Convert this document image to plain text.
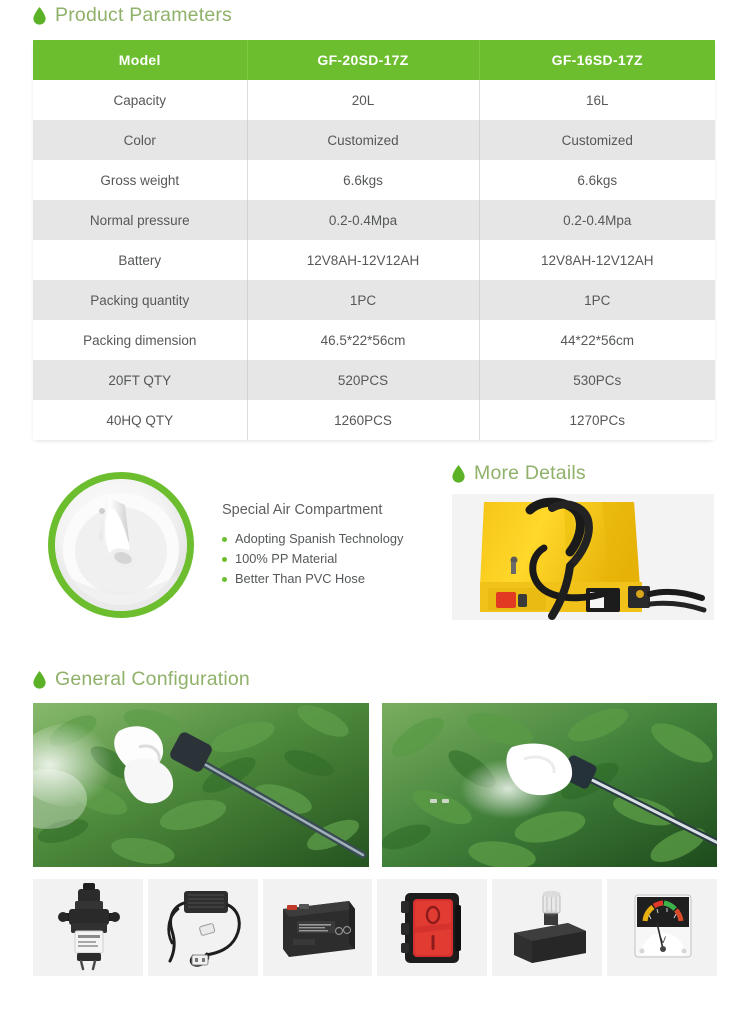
Product Parameters
Model	GF-20SD-17Z	GF-16SD-17Z
Capacity	20L	16L
Color	Customized	Customized
Gross weight	6.6kgs	6.6kgs
Normal pressure	0.2-0.4Mpa	0.2-0.4Mpa
Battery	12V8AH-12V12AH	12V8AH-12V12AH
Packing quantity	1PC	1PC
Packing dimension	46.5*22*56cm	44*22*56cm
20FT QTY	520PCS	530PCs
40HQ QTY	1260PCS	1270PCs
Special Air Compartment
Adopting Spanish Technology
100% PP Material
Better Than PVC Hose
More Details
General Configuration
V
